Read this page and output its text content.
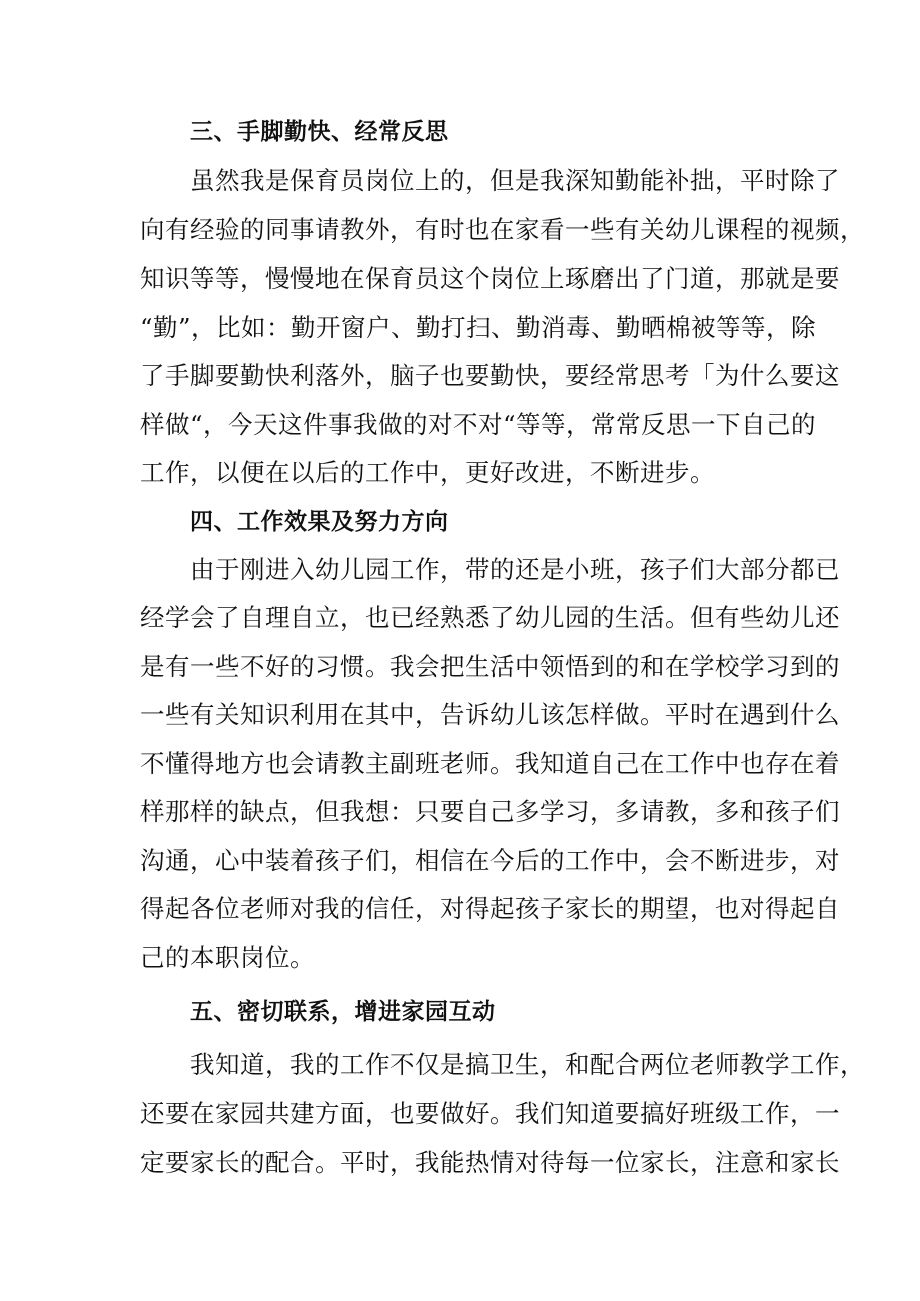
三、手脚勤快、经常反思
虽然我是保育员岗位上的，但是我深知勤能补拙，平时除了
向有经验的同事请教外，有时也在家看一些有关幼儿课程的视频，
知识等等，慢慢地在保育员这个岗位上琢磨出了门道，那就是要
“勤”，比如：勤开窗户、勤打扫、勤消毒、勤晒棉被等等，除
了手脚要勤快利落外，脑子也要勤快，要经常思考「为什么要这
样做“，今天这件事我做的对不对“等等，常常反思一下自己的
工作，以便在以后的工作中，更好改进，不断进步。
四、工作效果及努力方向
由于刚进入幼儿园工作，带的还是小班，孩子们大部分都已
经学会了自理自立，也已经熟悉了幼儿园的生活。但有些幼儿还
是有一些不好的习惯。我会把生活中领悟到的和在学校学习到的
一些有关知识利用在其中，告诉幼儿该怎样做。平时在遇到什么
不懂得地方也会请教主副班老师。我知道自己在工作中也存在着
样那样的缺点，但我想：只要自己多学习，多请教，多和孩子们
沟通，心中装着孩子们，相信在今后的工作中，会不断进步，对
得起各位老师对我的信任，对得起孩子家长的期望，也对得起自
己的本职岗位。
五、密切联系，增进家园互动
我知道，我的工作不仅是搞卫生，和配合两位老师教学工作，
还要在家园共建方面，也要做好。我们知道要搞好班级工作，一
定要家长的配合。平时，我能热情对待每一位家长，注意和家长
